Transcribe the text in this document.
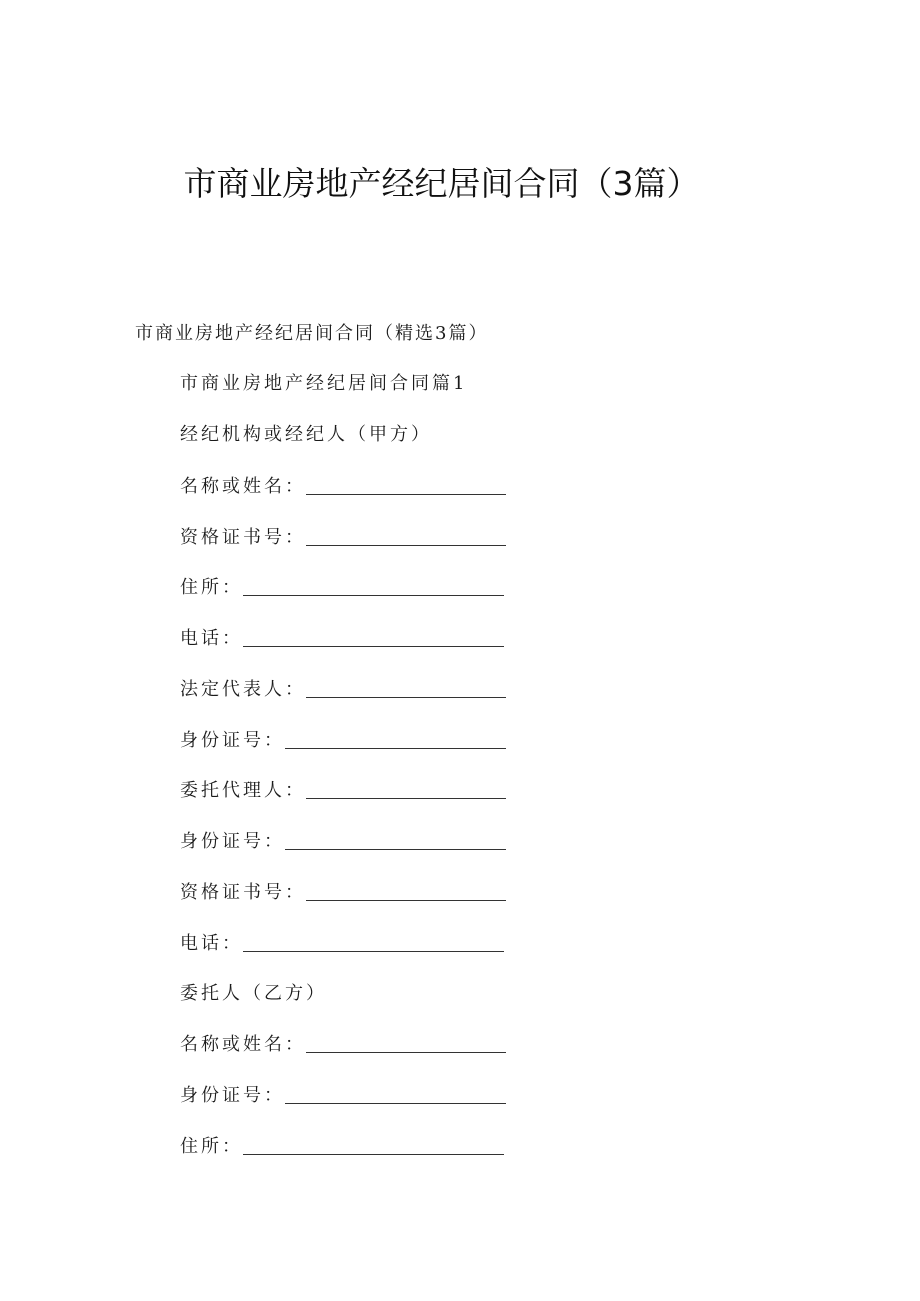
市商业房地产经纪居间合同（3篇）
市商业房地产经纪居间合同（精选3篇）
市商业房地产经纪居间合同篇1
经纪机构或经纪人（甲方）
名称或姓名：
资格证书号：
住所：
电话：
法定代表人：
身份证号：
委托代理人：
身份证号：
资格证书号：
电话：
委托人（乙方）
名称或姓名：
身份证号：
住所：
